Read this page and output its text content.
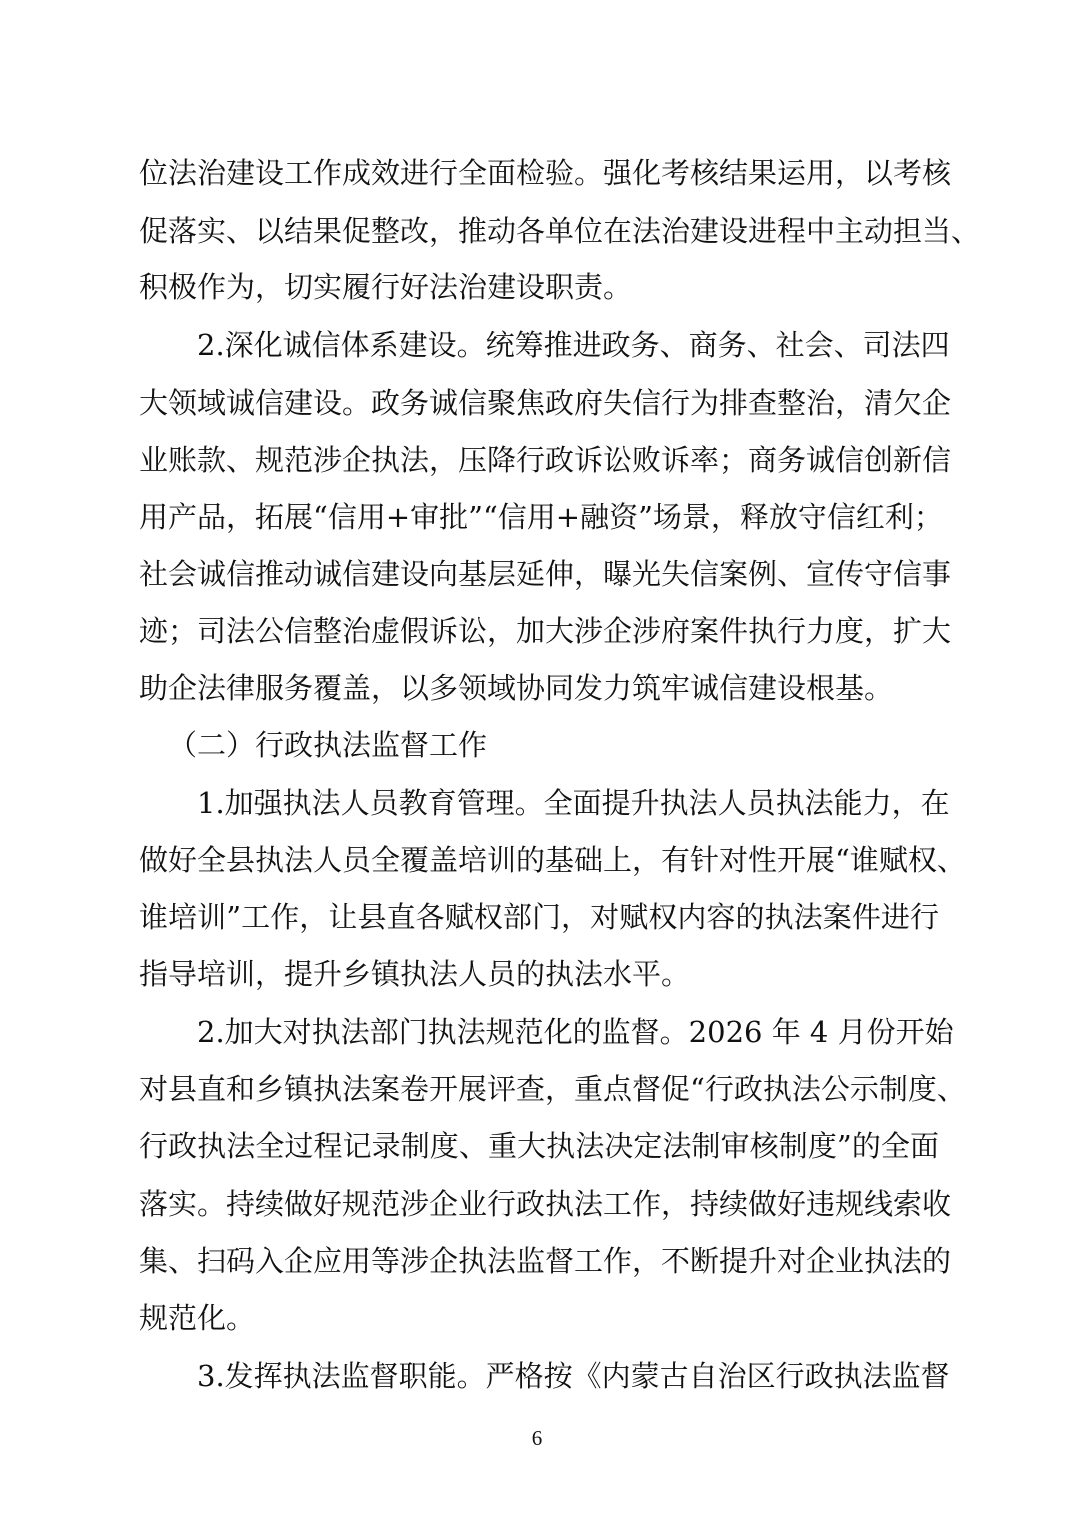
位法治建设工作成效进行全面检验。强化考核结果运用，以考核
促落实、以结果促整改，推动各单位在法治建设进程中主动担当、
积极作为，切实履行好法治建设职责。
2.深化诚信体系建设。统筹推进政务、商务、社会、司法四
大领域诚信建设。政务诚信聚焦政府失信行为排查整治，清欠企
业账款、规范涉企执法，压降行政诉讼败诉率；商务诚信创新信
用产品，拓展“信用+审批”“信用+融资”场景，释放守信红利；
社会诚信推动诚信建设向基层延伸，曝光失信案例、宣传守信事
迹；司法公信整治虚假诉讼，加大涉企涉府案件执行力度，扩大
助企法律服务覆盖，以多领域协同发力筑牢诚信建设根基。
（二）行政执法监督工作
1.加强执法人员教育管理。全面提升执法人员执法能力，在
做好全县执法人员全覆盖培训的基础上，有针对性开展“谁赋权、
谁培训”工作，让县直各赋权部门，对赋权内容的执法案件进行
指导培训，提升乡镇执法人员的执法水平。
2.加大对执法部门执法规范化的监督。2026 年 4 月份开始
对县直和乡镇执法案卷开展评查，重点督促“行政执法公示制度、
行政执法全过程记录制度、重大执法决定法制审核制度”的全面
落实。持续做好规范涉企业行政执法工作，持续做好违规线索收
集、扫码入企应用等涉企执法监督工作，不断提升对企业执法的
规范化。
3.发挥执法监督职能。严格按《内蒙古自治区行政执法监督
6
